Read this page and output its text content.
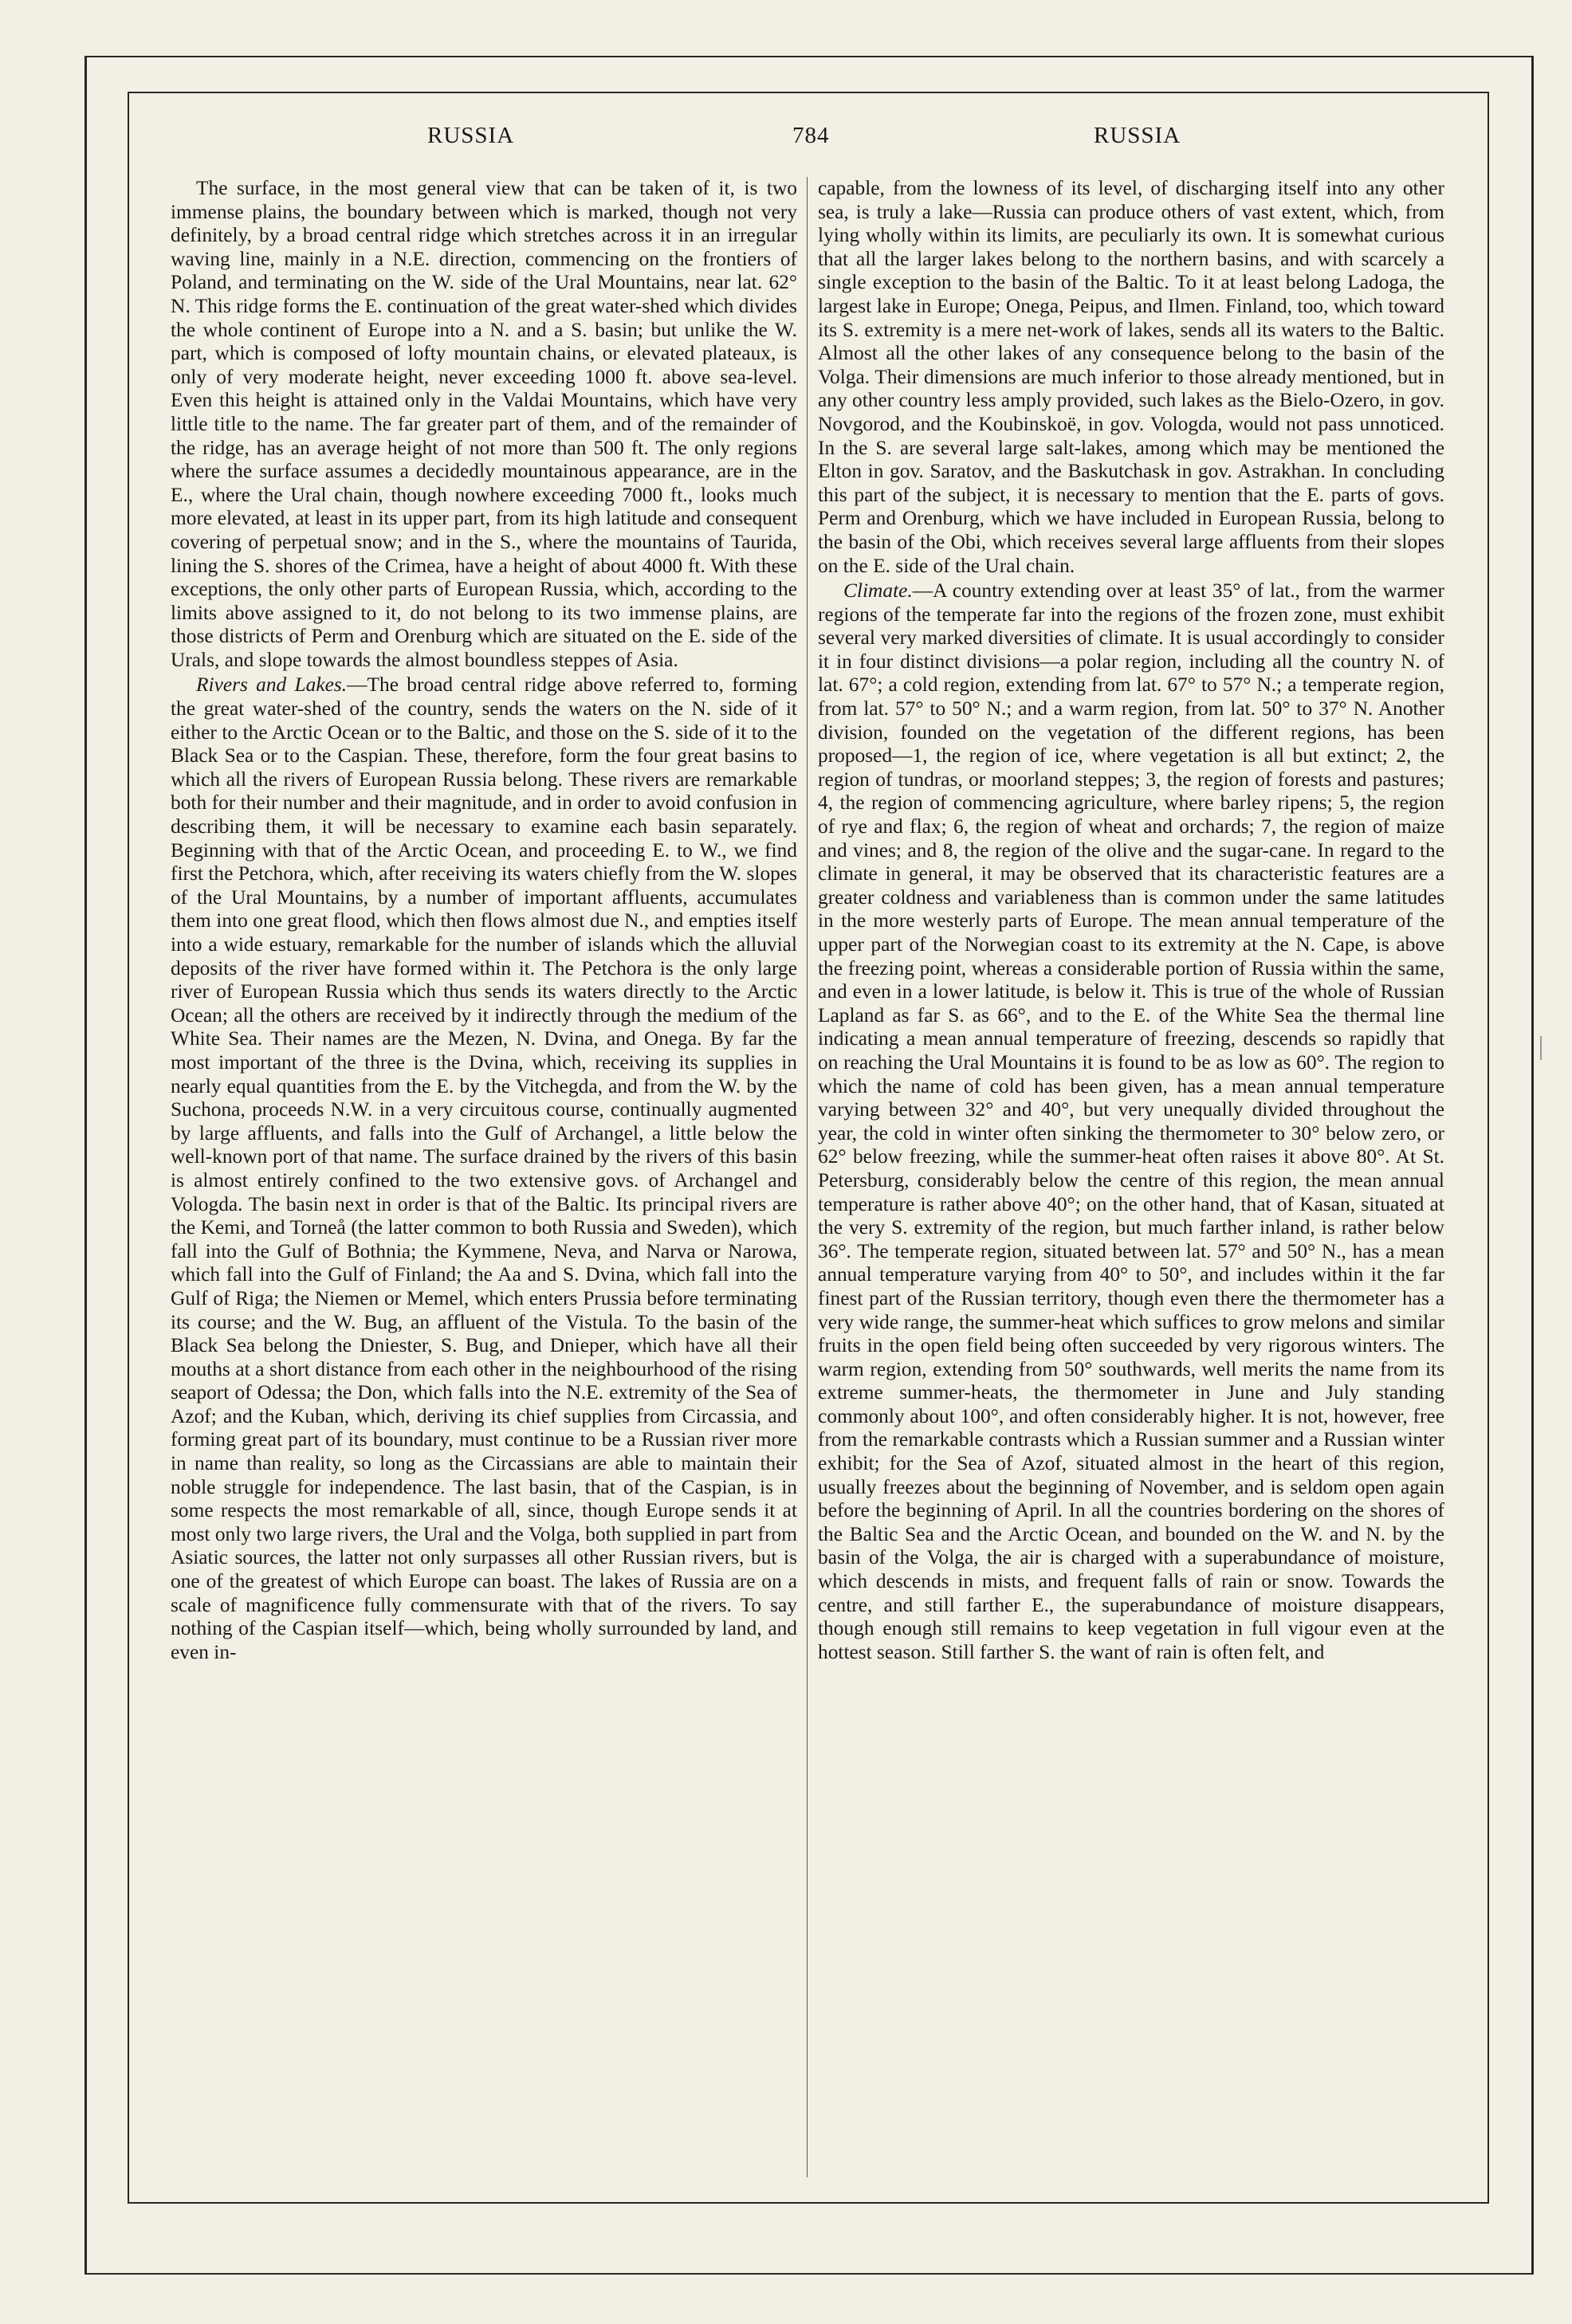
RUSSIA	784	RUSSIA

The surface, in the most general view that can be taken of it, is two immense plains, the boundary between which is marked, though not very definitely, by a broad central ridge which stretches across it in an irregular waving line, mainly in a N.E. direction, commencing on the frontiers of Poland, and terminating on the W. side of the Ural Mountains, near lat. 62° N. This ridge forms the E. continuation of the great water-shed which divides the whole continent of Europe into a N. and a S. basin; but unlike the W. part, which is composed of lofty mountain chains, or elevated plateaux, is only of very moderate height, never exceeding 1000 ft. above sea-level. Even this height is attained only in the Valdai Mountains, which have very little title to the name. The far greater part of them, and of the remainder of the ridge, has an average height of not more than 500 ft. The only regions where the surface assumes a decidedly mountainous appearance, are in the E., where the Ural chain, though nowhere exceeding 7000 ft., looks much more elevated, at least in its upper part, from its high latitude and consequent covering of perpetual snow; and in the S., where the mountains of Taurida, lining the S. shores of the Crimea, have a height of about 4000 ft. With these exceptions, the only other parts of European Russia, which, according to the limits above assigned to it, do not belong to its two immense plains, are those districts of Perm and Orenburg which are situated on the E. side of the Urals, and slope towards the almost boundless steppes of Asia.

Rivers and Lakes.—The broad central ridge above referred to, forming the great water-shed of the country, sends the waters on the N. side of it either to the Arctic Ocean or to the Baltic, and those on the S. side of it to the Black Sea or to the Caspian. These, therefore, form the four great basins to which all the rivers of European Russia belong. These rivers are remarkable both for their number and their magnitude, and in order to avoid confusion in describing them, it will be necessary to examine each basin separately. Beginning with that of the Arctic Ocean, and proceeding E. to W., we find first the Petchora, which, after receiving its waters chiefly from the W. slopes of the Ural Mountains, by a number of important affluents, accumulates them into one great flood, which then flows almost due N., and empties itself into a wide estuary, remarkable for the number of islands which the alluvial deposits of the river have formed within it. The Petchora is the only large river of European Russia which thus sends its waters directly to the Arctic Ocean; all the others are received by it indirectly through the medium of the White Sea. Their names are the Mezen, N. Dvina, and Onega. By far the most important of the three is the Dvina, which, receiving its supplies in nearly equal quantities from the E. by the Vitchegda, and from the W. by the Suchona, proceeds N.W. in a very circuitous course, continually augmented by large affluents, and falls into the Gulf of Archangel, a little below the well-known port of that name. The surface drained by the rivers of this basin is almost entirely confined to the two extensive govs. of Archangel and Vologda. The basin next in order is that of the Baltic. Its principal rivers are the Kemi, and Torneå (the latter common to both Russia and Sweden), which fall into the Gulf of Bothnia; the Kymmene, Neva, and Narva or Narowa, which fall into the Gulf of Finland; the Aa and S. Dvina, which fall into the Gulf of Riga; the Niemen or Memel, which enters Prussia before terminating its course; and the W. Bug, an affluent of the Vistula. To the basin of the Black Sea belong the Dniester, S. Bug, and Dnieper, which have all their mouths at a short distance from each other in the neighbourhood of the rising seaport of Odessa; the Don, which falls into the N.E. extremity of the Sea of Azof; and the Kuban, which, deriving its chief supplies from Circassia, and forming great part of its boundary, must continue to be a Russian river more in name than reality, so long as the Circassians are able to maintain their noble struggle for independence. The last basin, that of the Caspian, is in some respects the most remarkable of all, since, though Europe sends it at most only two large rivers, the Ural and the Volga, both supplied in part from Asiatic sources, the latter not only surpasses all other Russian rivers, but is one of the greatest of which Europe can boast. The lakes of Russia are on a scale of magnificence fully commensurate with that of the rivers. To say nothing of the Caspian itself—which, being wholly surrounded by land, and even in-

capable, from the lowness of its level, of discharging itself into any other sea, is truly a lake—Russia can produce others of vast extent, which, from lying wholly within its limits, are peculiarly its own. It is somewhat curious that all the larger lakes belong to the northern basins, and with scarcely a single exception to the basin of the Baltic. To it at least belong Ladoga, the largest lake in Europe; Onega, Peipus, and Ilmen. Finland, too, which toward its S. extremity is a mere net-work of lakes, sends all its waters to the Baltic. Almost all the other lakes of any consequence belong to the basin of the Volga. Their dimensions are much inferior to those already mentioned, but in any other country less amply provided, such lakes as the Bielo-Ozero, in gov. Novgorod, and the Koubinskoë, in gov. Vologda, would not pass unnoticed. In the S. are several large salt-lakes, among which may be mentioned the Elton in gov. Saratov, and the Baskutchask in gov. Astrakhan. In concluding this part of the subject, it is necessary to mention that the E. parts of govs. Perm and Orenburg, which we have included in European Russia, belong to the basin of the Obi, which receives several large affluents from their slopes on the E. side of the Ural chain.

Climate.—A country extending over at least 35° of lat., from the warmer regions of the temperate far into the regions of the frozen zone, must exhibit several very marked diversities of climate. It is usual accordingly to consider it in four distinct divisions—a polar region, including all the country N. of lat. 67°; a cold region, extending from lat. 67° to 57° N.; a temperate region, from lat. 57° to 50° N.; and a warm region, from lat. 50° to 37° N. Another division, founded on the vegetation of the different regions, has been proposed—1, the region of ice, where vegetation is all but extinct; 2, the region of tundras, or moorland steppes; 3, the region of forests and pastures; 4, the region of commencing agriculture, where barley ripens; 5, the region of rye and flax; 6, the region of wheat and orchards; 7, the region of maize and vines; and 8, the region of the olive and the sugar-cane. In regard to the climate in general, it may be observed that its characteristic features are a greater coldness and variableness than is common under the same latitudes in the more westerly parts of Europe. The mean annual temperature of the upper part of the Norwegian coast to its extremity at the N. Cape, is above the freezing point, whereas a considerable portion of Russia within the same, and even in a lower latitude, is below it. This is true of the whole of Russian Lapland as far S. as 66°, and to the E. of the White Sea the thermal line indicating a mean annual temperature of freezing, descends so rapidly that on reaching the Ural Mountains it is found to be as low as 60°. The region to which the name of cold has been given, has a mean annual temperature varying between 32° and 40°, but very unequally divided throughout the year, the cold in winter often sinking the thermometer to 30° below zero, or 62° below freezing, while the summer-heat often raises it above 80°. At St. Petersburg, considerably below the centre of this region, the mean annual temperature is rather above 40°; on the other hand, that of Kasan, situated at the very S. extremity of the region, but much farther inland, is rather below 36°. The temperate region, situated between lat. 57° and 50° N., has a mean annual temperature varying from 40° to 50°, and includes within it the far finest part of the Russian territory, though even there the thermometer has a very wide range, the summer-heat which suffices to grow melons and similar fruits in the open field being often succeeded by very rigorous winters. The warm region, extending from 50° southwards, well merits the name from its extreme summer-heats, the thermometer in June and July standing commonly about 100°, and often considerably higher. It is not, however, free from the remarkable contrasts which a Russian summer and a Russian winter exhibit; for the Sea of Azof, situated almost in the heart of this region, usually freezes about the beginning of November, and is seldom open again before the beginning of April. In all the countries bordering on the shores of the Baltic Sea and the Arctic Ocean, and bounded on the W. and N. by the basin of the Volga, the air is charged with a superabundance of moisture, which descends in mists, and frequent falls of rain or snow. Towards the centre, and still farther E., the superabundance of moisture disappears, though enough still remains to keep vegetation in full vigour even at the hottest season. Still farther S. the want of rain is often felt, and
